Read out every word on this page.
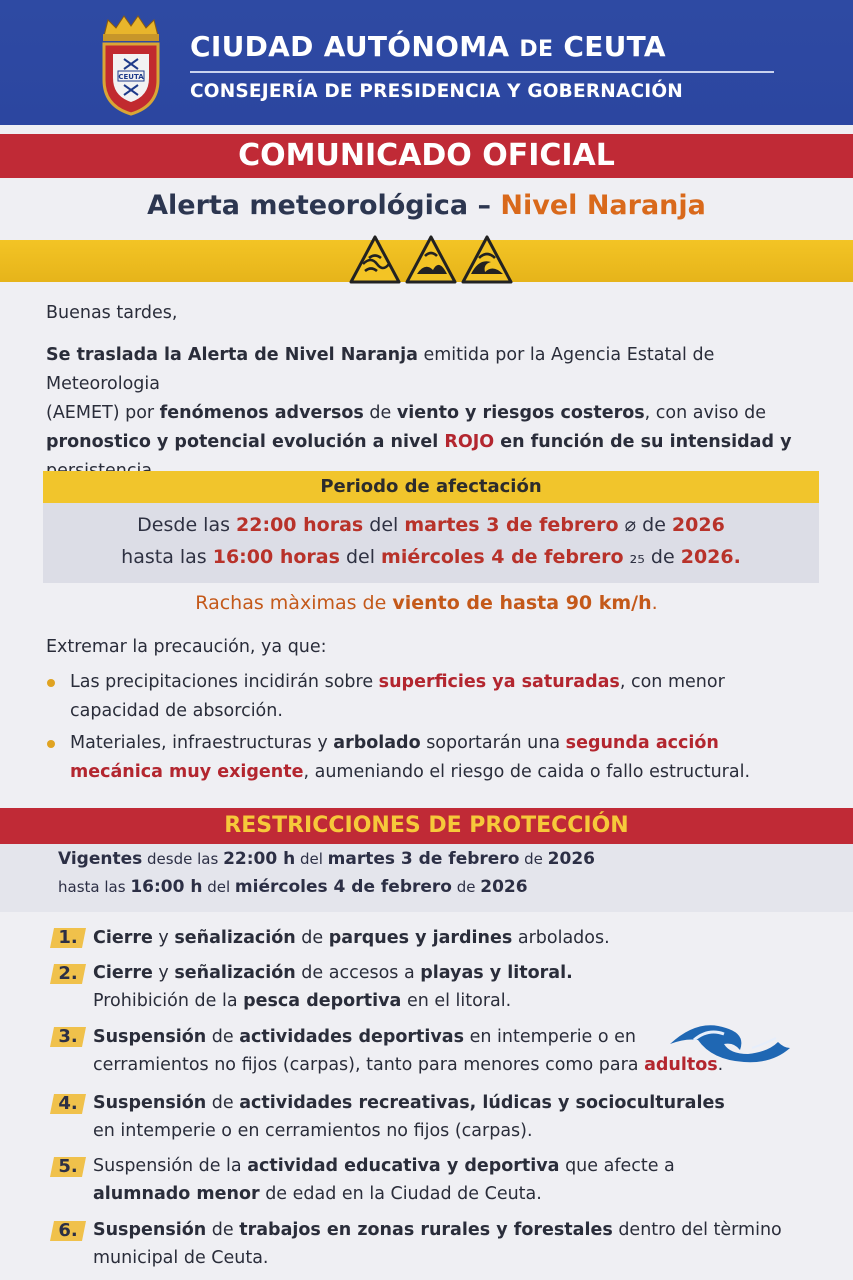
CEUTA
CIUDAD AUTÓNOMA DE CEUTA
CONSEJERÍA DE PRESIDENCIA Y GOBERNACIÓN
COMUNICADO OFICIAL
Alerta meteorológica – Nivel Naranja
Buenas tardes,
Se traslada la Alerta de Nivel Naranja emitida por la Agencia Estatal de Meteorologia
(AEMET) por fenómenos adversos de viento y riesgos costeros, con aviso de
pronostico y potencial evolución a nivel ROJO en función de su intensidad y

Periodo de afectación
Desde las 22:00 horas del martes 3 de febrero ⌀ de 2026
hasta las 16:00 horas del miércoles 4 de febrero ₂₅ de 2026.
Rachas màximas de viento de hasta 90 km/h.
Extremar la precaución, ya que:
Las precipitaciones incidirán sobre superficies ya saturadas, con menor
capacidad de absorción.
Materiales, infraestructuras y arbolado soportarán una segunda acción
mecánica muy exigente, aumeniando el riesgo de caida o fallo estructural.
RESTRICCIONES DE PROTECCIÓN
Vigentes desde las 22:00 h del martes 3 de febrero de 2026
hasta las 16:00 h del miércoles 4 de febrero de 2026
1. Cierre y señalización de parques y jardines arbolados.
2. Cierre y señalización de accesos a playas y litoral.
Prohibición de la pesca deportiva en el litoral.
3. Suspensión de actividades deportivas en intemperie o en
cerramientos no fijos (carpas), tanto para menores como para adultos.
4. Suspensión de actividades recreativas, lúdicas y socioculturales
en intemperie o en cerramientos no fijos (carpas).
5. Suspensión de la actividad educativa y deportiva que afecte a
alumnado menor de edad en la Ciudad de Ceuta.
6. Suspensión de trabajos en zonas rurales y forestales dentro del tèrmino
municipal de Ceuta.
